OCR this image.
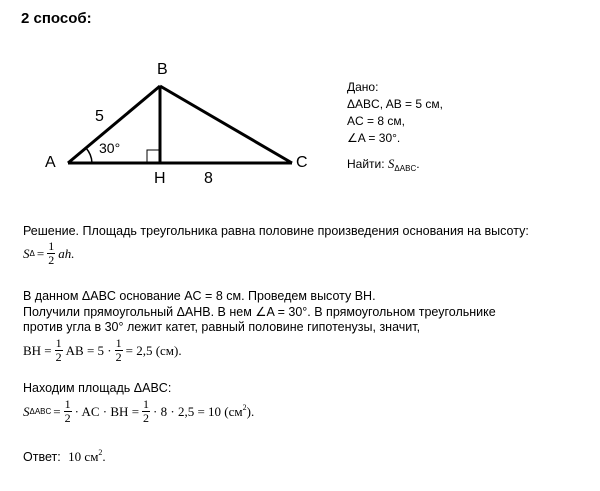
2 способ:
B
A	C
H
5
8
30°
Дано:
ΔABC, AB = 5 см,
AC = 8 см,
∠A = 30°.
Найти: $S_{\Delta ABC}$.
Решение. Площадь треугольника равна половине произведения основания на высоту:
S $\Delta = \frac{1}{2}$ ah.
В данном ΔABC основание AC = 8 см. Проведем высоту BH.
Получили прямоугольный ΔAHB. В нем ∠A = 30°. В прямоугольном треугольнике
против угла в 30° лежит катет, равный половине гипотенузы, значит,
BH = $\frac{1}{2}$ AB = $5 \cdot \frac{1}{2} = 2,5$ (см).
Находим площадь ΔABC:
S $\Delta ABC = \frac{1}{2}$ · AC · BH = $\frac{1}{2} \cdot 8 \cdot 2,5 = 10$ $(см^2)$.
Ответ: 10 $см^2$.
